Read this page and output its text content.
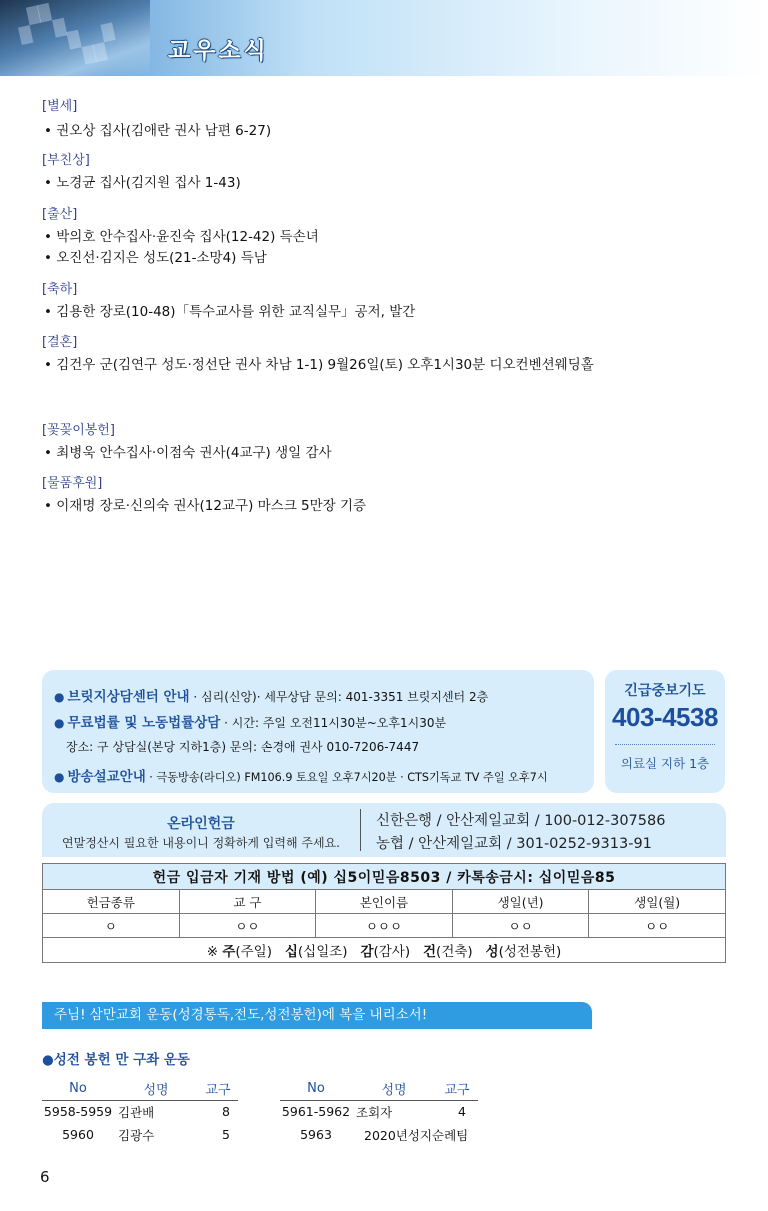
▞▚
▚▞ 교우소식
[별세]

• 권오상 집사(김애란 권사 남편 6-27)

[부친상]

• 노경균 집사(김지원 집사 1-43)

[출산]

• 박의호 안수집사·윤진숙 집사(12-42) 득손녀

• 오진선·김지은 성도(21-소망4) 득남

[축하]

• 김용한 장로(10-48)「특수교사를 위한 교직실무」공저, 발간

[결혼]

• 김건우 군(김연구 성도·정선단 권사 차남 1-1) 9월26일(토) 오후1시30분 디오컨벤션웨딩홀

[꽃꽂이봉헌]

• 최병욱 안수집사·이점숙 권사(4교구) 생일 감사

[물품후원]

• 이재명 장로·신의숙 권사(12교구) 마스크 5만장 기증

● 브릿지상담센터 안내 · 심리(신앙)· 세무상담 문의: 401-3351 브릿지센터 2층
● 무료법률 및 노동법률상담 · 시간: 주일 오전11시30분~오후1시30분
장소: 구 상담실(본당 지하1층) 문의: 손경애 권사 010-7206-7447
● 방송설교안내 · 극동방송(라디오) FM106.9 토요일 오후7시20분 · CTS기독교 TV 주일 오후7시
긴급중보기도
403-4538
의료실 지하 1층
온라인헌금
연말정산시 필요한 내용이니 정확하게 입력해 주세요.
신한은행 / 안산제일교회 / 100-012-307586
농협 / 안산제일교회 / 301-0252-9313-91
헌금 입금자 기재 방법 (예) 십5이믿음8503 / 카톡송금시: 십이믿음85				
헌금종류	교 구	본인이름	생일(년)	생일(월)
ㅇ	ㅇㅇ	ㅇㅇㅇ	ㅇㅇ	ㅇㅇ
※ 주(주일) 십(십일조) 감(감사) 건(건축) 성(성전봉헌)				
주님! 삼만교회 운동(성경통독,전도,성전봉헌)에 복을 내리소서!
●성전 봉헌 만 구좌 운동
No	성명	교구
5958-5959	김관배	8
5960	김광수	5
No	성명	교구
5961-5962	조회자	4
5963	2020년성지순례팀	
6
